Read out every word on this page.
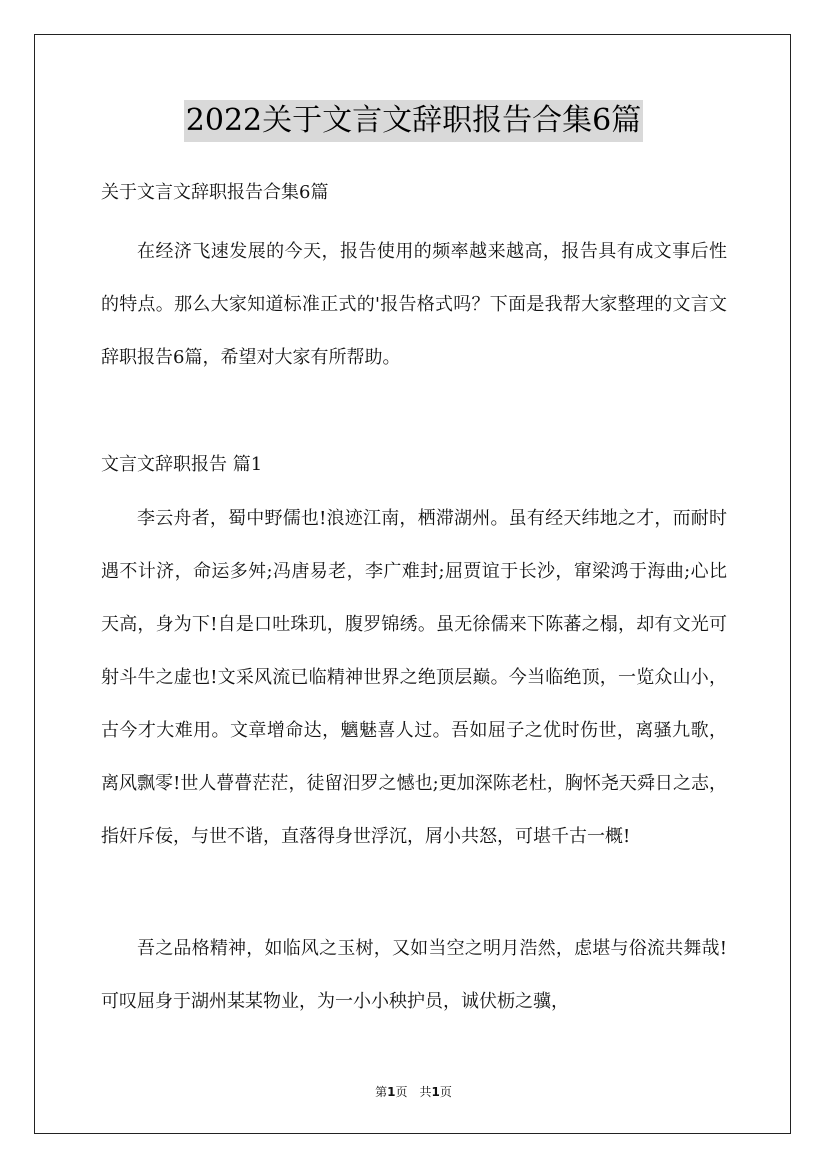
2022关于文言文辞职报告合集6篇
关于文言文辞职报告合集6篇

在经济飞速发展的今天，报告使用的频率越来越高，报告具有成文事后性的特点。那么大家知道标准正式的'报告格式吗？下面是我帮大家整理的文言文辞职报告6篇，希望对大家有所帮助。

文言文辞职报告 篇1

李云舟者，蜀中野儒也!浪迹江南，栖滞湖州。虽有经天纬地之才，而耐时遇不计济，命运多舛;冯唐易老，李广难封;屈贾谊于长沙，窜梁鸿于海曲;心比天高，身为下!自是口吐珠玑，腹罗锦绣。虽无徐儒来下陈蕃之榻，却有文光可射斗牛之虚也!文采风流已临精神世界之绝顶层巅。今当临绝顶，一览众山小，古今才大难用。文章增命达，魑魅喜人过。吾如屈子之优时伤世，离骚九歌，离风飘零!世人瞢瞢茫茫，徒留汨罗之憾也;更加深陈老杜，胸怀尧天舜日之志，指奸斥佞，与世不谐，直落得身世浮沉，屑小共怒，可堪千古一概!

吾之品格精神，如临风之玉树，又如当空之明月浩然，虑堪与俗流共舞哉!可叹屈身于湖州某某物业，为一小小秧护员，诚伏枥之骥，

第1页　共1页
